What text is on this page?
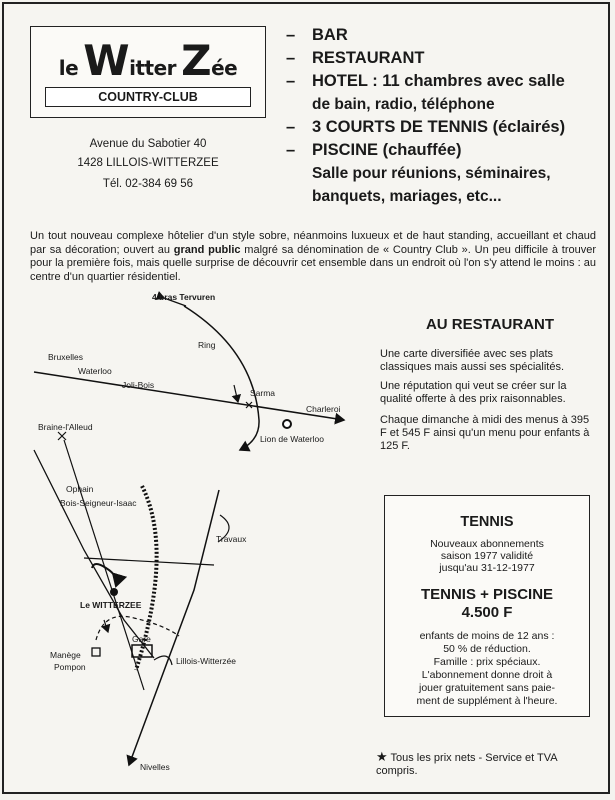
le Witter Zée
COUNTRY-CLUB
Avenue du Sabotier 40
1428 LILLOIS-WITTERZEE
Tél. 02-384 69 56
– BAR
– RESTAURANT
– HOTEL : 11 chambres avec salle
de bain, radio, téléphone
– 3 COURTS DE TENNIS (éclairés)
– PISCINE (chauffée)
Salle pour réunions, séminaires,
banquets, mariages, etc...
Un tout nouveau complexe hôtelier d'un style sobre, néanmoins luxueux et de haut standing, accueillant et chaud par sa décoration; ouvert au grand public malgré sa dénomination de « Country Club ». Un peu difficile à trouver pour la première fois, mais quelle surprise de découvrir cet ensemble dans un endroit où l'on s'y attend le moins : au centre d'un quartier résidentiel.
4 bras Tervuren
Ring
Bruxelles
Waterloo
Joli-Bois
Sarma
Charleroi
Braine-l'Alleud
Lion de Waterloo
Ophain
Bois-Seigneur-Isaac
Travaux
Le WITTERZEE
Gare
Manège
Pompon
Lillois-Witterzée
Nivelles
AU RESTAURANT
Une carte diversifiée avec ses plats classiques mais aussi ses spécialités.
Une réputation qui veut se créer sur la qualité offerte à des prix raisonnables.
Chaque dimanche à midi des menus à 395 F et 545 F ainsi qu'un menu pour enfants à 125 F.
TENNIS
Nouveaux abonnements
saison 1977 validité
jusqu'au 31-12-1977
TENNIS + PISCINE
4.500 F
enfants de moins de 12 ans :
50 % de réduction.
Famille : prix spéciaux.
L'abonnement donne droit à
jouer gratuitement sans paie-
ment de supplément à l'heure.
★ Tous les prix nets - Service et TVA compris.
